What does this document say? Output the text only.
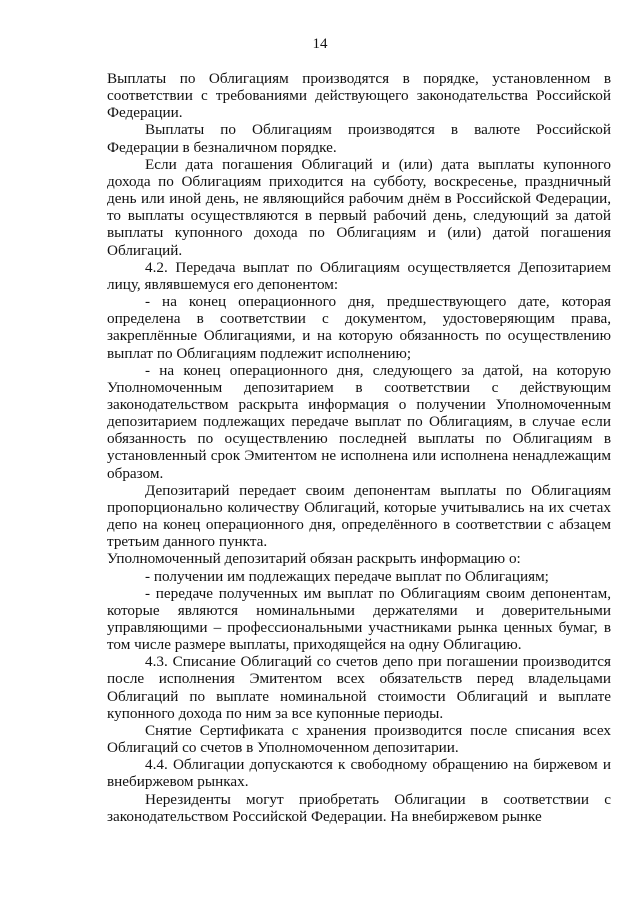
14

Выплаты по Облигациям производятся в порядке, установленном в соответствии с требованиями действующего законодательства Российской Федерации.

Выплаты по Облигациям производятся в валюте Российской Федерации в безналичном порядке.

Если дата погашения Облигаций и (или) дата выплаты купонного дохода по Облигациям приходится на субботу, воскресенье, праздничный день или иной день, не являющийся рабочим днём в Российской Федерации, то выплаты осуществляются в первый рабочий день, следующий за датой выплаты купонного дохода по Облигациям и (или) датой погашения Облигаций.

4.2. Передача выплат по Облигациям осуществляется Депозитарием лицу, являвшемуся его депонентом:

- на конец операционного дня, предшествующего дате, которая определена в соответствии с документом, удостоверяющим права, закреплённые Облигациями, и на которую обязанность по осуществлению выплат по Облигациям подлежит исполнению;

- на конец операционного дня, следующего за датой, на которую Уполномоченным депозитарием в соответствии с действующим законодательством раскрыта информация о получении Уполномоченным депозитарием подлежащих передаче выплат по Облигациям, в случае если обязанность по осуществлению последней выплаты по Облигациям в установленный срок Эмитентом не исполнена или исполнена ненадлежащим образом.

Депозитарий передает своим депонентам выплаты по Облигациям пропорционально количеству Облигаций, которые учитывались на их счетах депо на конец операционного дня, определённого в соответствии с абзацем третьим данного пункта.

Уполномоченный депозитарий обязан раскрыть информацию о:

- получении им подлежащих передаче выплат по Облигациям;

- передаче полученных им выплат по Облигациям своим депонентам, которые являются номинальными держателями и доверительными управляющими – профессиональными участниками рынка ценных бумаг, в том числе размере выплаты, приходящейся на одну Облигацию.

4.3. Списание Облигаций со счетов депо при погашении производится после исполнения Эмитентом всех обязательств перед владельцами Облигаций по выплате номинальной стоимости Облигаций и выплате купонного дохода по ним за все купонные периоды.

Снятие Сертификата с хранения производится после списания всех Облигаций со счетов в Уполномоченном депозитарии.

4.4. Облигации допускаются к свободному обращению на биржевом и внебиржевом рынках.

Нерезиденты могут приобретать Облигации в соответствии с законодательством Российской Федерации. На внебиржевом рынке
